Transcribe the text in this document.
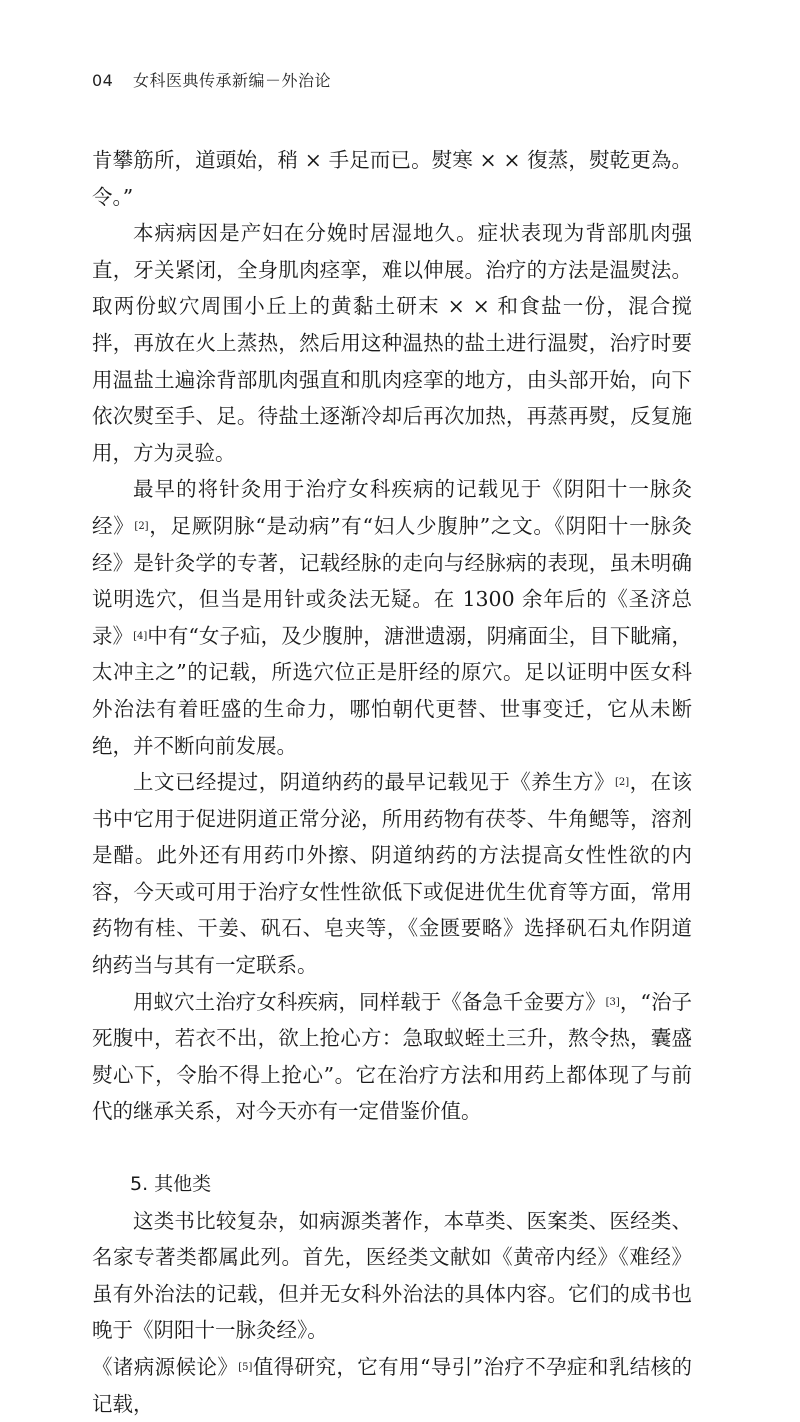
04 女科医典传承新编－外治论

肯攀筋所，道頭始，稍 × 手足而已。熨寒 × × 復蒸，熨乾更為。令。”

本病病因是产妇在分娩时居湿地久。症状表现为背部肌肉强直，牙关紧闭，全身肌肉痉挛，难以伸展。治疗的方法是温熨法。取两份蚁穴周围小丘上的黄黏土研末 × × 和食盐一份，混合搅拌，再放在火上蒸热，然后用这种温热的盐土进行温熨，治疗时要用温盐土遍涂背部肌肉强直和肌肉痉挛的地方，由头部开始，向下依次熨至手、足。待盐土逐渐冷却后再次加热，再蒸再熨，反复施用，方为灵验。

最早的将针灸用于治疗女科疾病的记载见于《阴阳十一脉灸经》[2]，足厥阴脉“是动病”有“妇人少腹肿”之文。《阴阳十一脉灸经》是针灸学的专著，记载经脉的走向与经脉病的表现，虽未明确说明选穴，但当是用针或灸法无疑。在 1300 余年后的《圣济总录》[4]中有“女子疝，及少腹肿，溏泄遗溺，阴痛面尘，目下眦痛，太冲主之”的记载，所选穴位正是肝经的原穴。足以证明中医女科外治法有着旺盛的生命力，哪怕朝代更替、世事变迁，它从未断绝，并不断向前发展。

上文已经提过，阴道纳药的最早记载见于《养生方》[2]，在该书中它用于促进阴道正常分泌，所用药物有茯苓、牛角鳃等，溶剂是醋。此外还有用药巾外擦、阴道纳药的方法提高女性性欲的内容，今天或可用于治疗女性性欲低下或促进优生优育等方面，常用药物有桂、干姜、矾石、皂夹等，《金匮要略》选择矾石丸作阴道纳药当与其有一定联系。

用蚁穴土治疗女科疾病，同样载于《备急千金要方》[3]，“治子死腹中，若衣不出，欲上抢心方：急取蚁蛭土三升，熬令热，囊盛熨心下，令胎不得上抢心”。它在治疗方法和用药上都体现了与前代的继承关系，对今天亦有一定借鉴价值。

5. 其他类

这类书比较复杂，如病源类著作，本草类、医案类、医经类、名家专著类都属此列。首先，医经类文献如《黄帝内经》《难经》虽有外治法的记载，但并无女科外治法的具体内容。它们的成书也晚于《阴阳十一脉灸经》。

《诸病源候论》[5]值得研究，它有用“导引”治疗不孕症和乳结核的记载，
